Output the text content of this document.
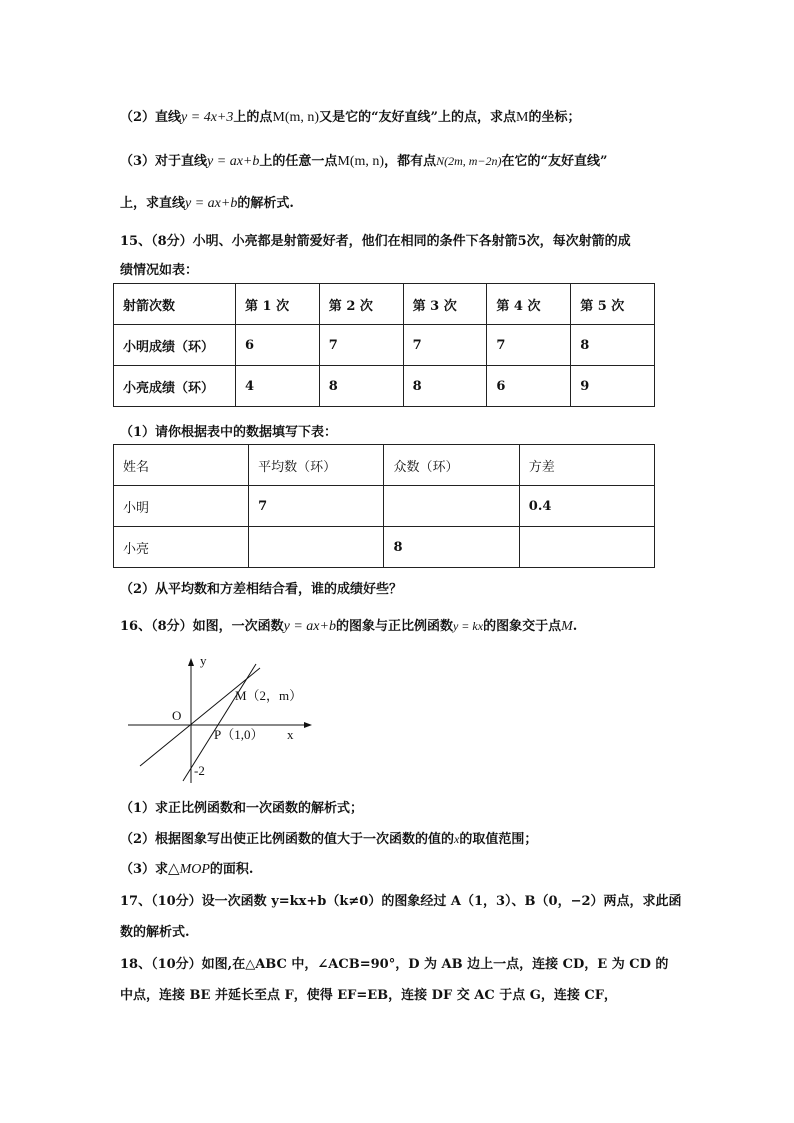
（2）直线y = 4x+3上的点M(m, n)又是它的“友好直线”上的点，求点M的坐标；
（3）对于直线y = ax+b上的任意一点M(m, n)，都有点N(2m, m−2n)在它的“友好直线”
上，求直线y = ax+b的解析式.
15、（8分）小明、小亮都是射箭爱好者，他们在相同的条件下各射箭5次，每次射箭的成
绩情况如表：
射箭次数	第 1 次	第 2 次	第 3 次	第 4 次	第 5 次
小明成绩（环）	6	7	7	7	8
小亮成绩（环）	4	8	8	6	9
（1）请你根据表中的数据填写下表：
姓名	平均数（环）	众数（环）	方差
小明	7		0.4
小亮		8	
（2）从平均数和方差相结合看，谁的成绩好些？
16、（8分）如图，一次函数y = ax+b的图象与正比例函数y = kx的图象交于点M.
y
x
O
M（2，m）
P（1,0）
-2
（1）求正比例函数和一次函数的解析式；
（2）根据图象写出使正比例函数的值大于一次函数的值的x的取值范围；
（3）求△MOP的面积.
17、（10分）设一次函数 y=kx+b（k≠0）的图象经过 A（1，3）、B（0，−2）两点，求此函
数的解析式.
18、（10分）如图,在△ABC 中，∠ACB=90°，D 为 AB 边上一点，连接 CD，E 为 CD 的
中点，连接 BE 并延长至点 F，使得 EF=EB，连接 DF 交 AC 于点 G，连接 CF，
